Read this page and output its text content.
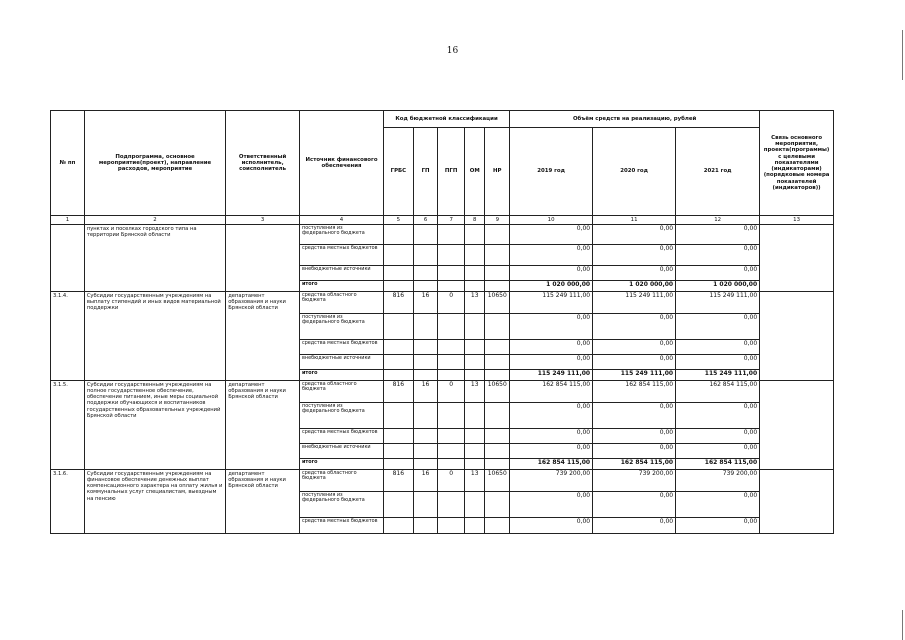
16
№ пп	Подпрограмма, основное мероприятие(проект), направление расходов, мероприятие	Ответственный исполнитель, соисполнитель	Источник финансового обеспечения	Код бюджетной классификации					Объём средств на реализацию, рублей			Связь основного мероприятия, проекта(программы) с целевыми показателями (индикаторами) (порядковые номера показателей (индикаторов))
				ГРБС	ГП	ПГП	ОМ	НР	2019 год	2020 год	2021 год	
1	2	3	4	5	6	7	8	9	10	11	12	13
	пунктах и поселках городского типа на территории Брянской области		поступления из федерального бюджета						0,00	0,00	0,00	
			средства местных бюджетов						0,00	0,00	0,00	
			внебюджетные источники						0,00	0,00	0,00	
			итого						1 020 000,00	1 020 000,00	1 020 000,00	
3.1.4.	Субсидии государственным учреждениям на выплату стипендий и иных видов материальной поддержки	департамент образования и науки Брянской области	средства областного бюджета	816	16	0	13	10650	115 249 111,00	115 249 111,00	115 249 111,00	
			поступления из федерального бюджета						0,00	0,00	0,00	
			средства местных бюджетов						0,00	0,00	0,00	
			внебюджетные источники						0,00	0,00	0,00	
			итого						115 249 111,00	115 249 111,00	115 249 111,00	
3.1.5.	Субсидии государственным учреждениям на полное государственное обеспечение, обеспечение питанием, иные меры социальной поддержки обучающихся и воспитанников государственных образовательных учреждений Брянской области	департамент образования и науки Брянской области	средства областного бюджета	816	16	0	13	10650	162 854 115,00	162 854 115,00	162 854 115,00	
			поступления из федерального бюджета						0,00	0,00	0,00	
			средства местных бюджетов						0,00	0,00	0,00	
			внебюджетные источники						0,00	0,00	0,00	
			итого						162 854 115,00	162 854 115,00	162 854 115,00	
3.1.6.	Субсидии государственным учреждениям на финансовое обеспечение денежных выплат компенсационного характера на оплату жилья и коммунальных услуг специалистам, выездным на пенсию	департамент образования и науки Брянской области	средства областного бюджета	816	16	0	13	10650	739 200,00	739 200,00	739 200,00	
			поступления из федерального бюджета						0,00	0,00	0,00	
			средства местных бюджетов						0,00	0,00	0,00	
